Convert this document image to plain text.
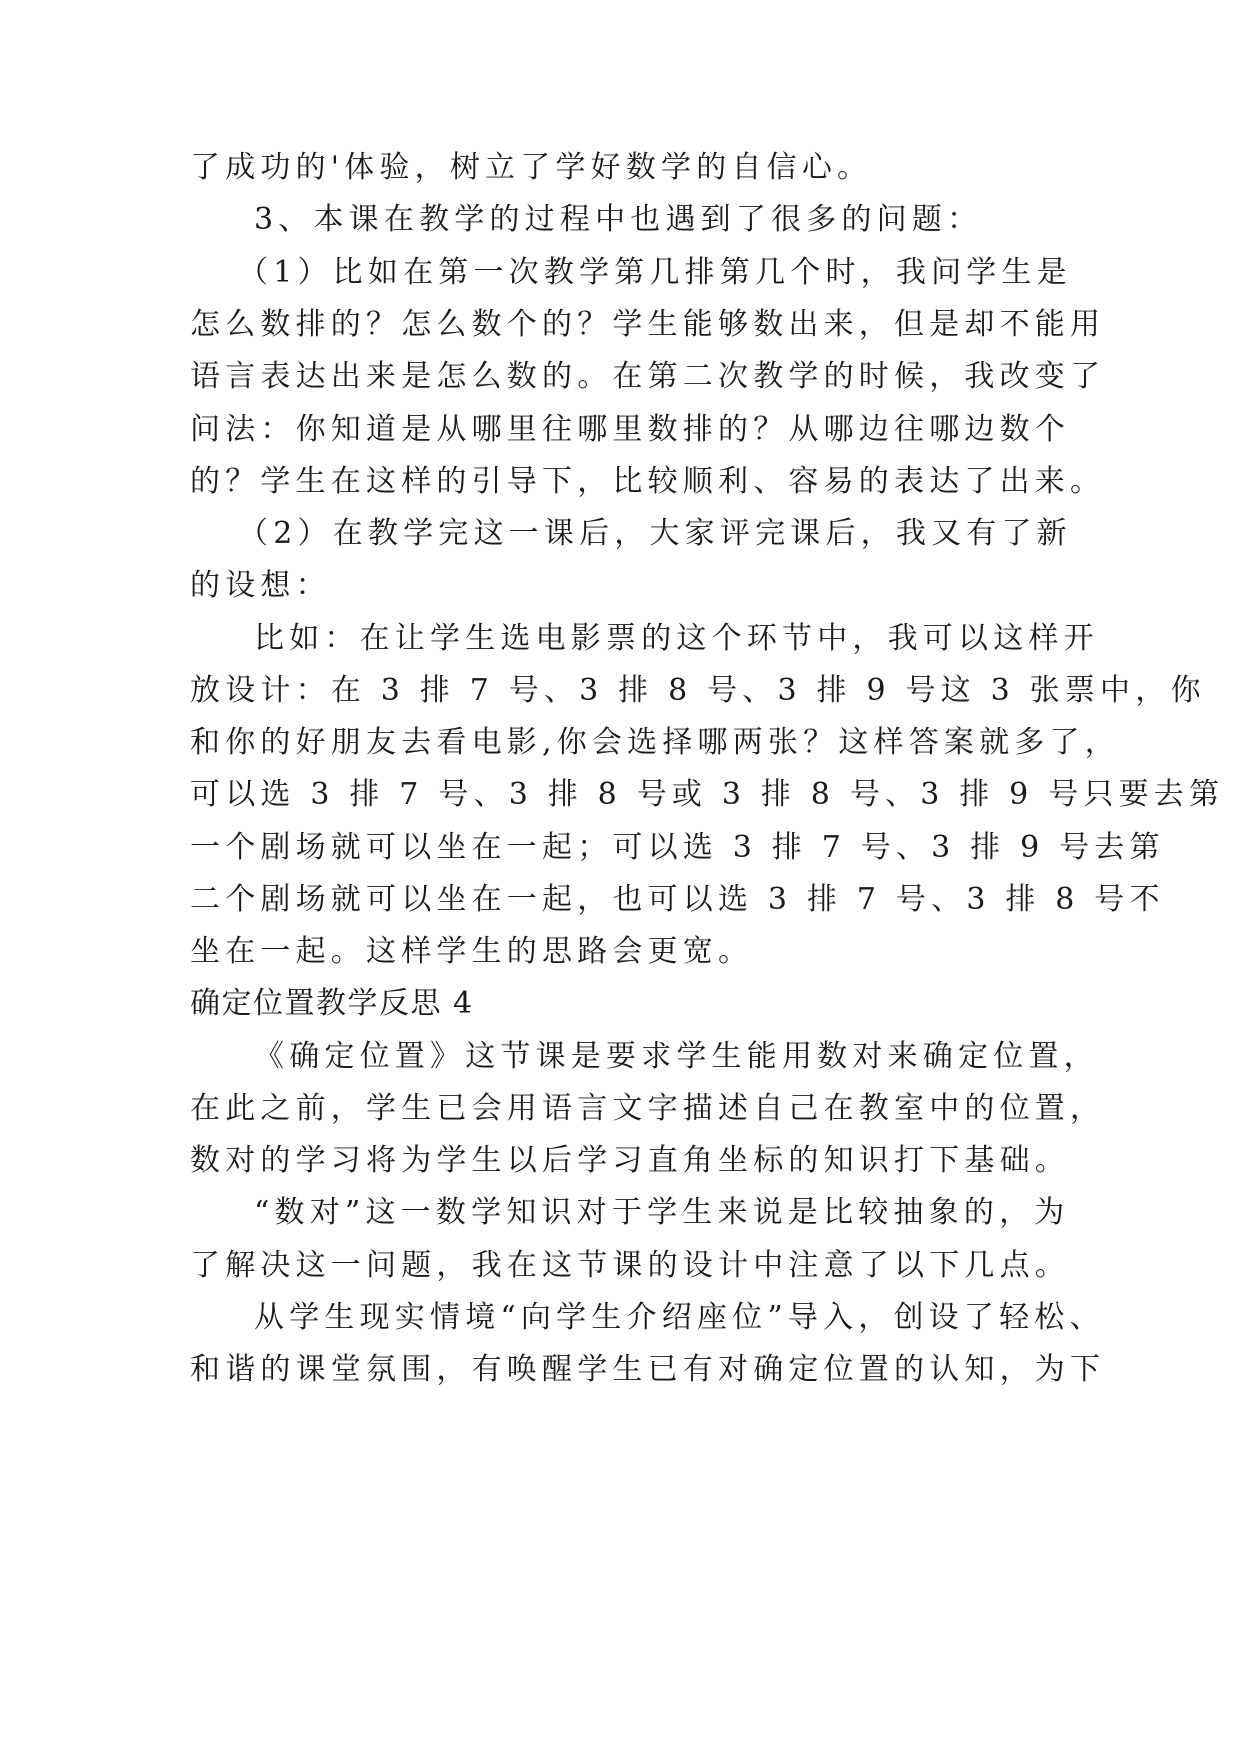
了成功的'体验，树立了学好数学的自信心。
3、本课在教学的过程中也遇到了很多的问题：
（1）比如在第一次教学第几排第几个时，我问学生是
怎么数排的？怎么数个的？学生能够数出来，但是却不能用
语言表达出来是怎么数的。在第二次教学的时候，我改变了
问法：你知道是从哪里往哪里数排的？从哪边往哪边数个
的？学生在这样的引导下，比较顺利、容易的表达了出来。
（2）在教学完这一课后，大家评完课后，我又有了新
的设想：
比如：在让学生选电影票的这个环节中，我可以这样开
放设计：在 3 排 7 号、3 排 8 号、3 排 9 号这 3 张票中，你
和你的好朋友去看电影,你会选择哪两张？这样答案就多了，
可以选 3 排 7 号、3 排 8 号或 3 排 8 号、3 排 9 号只要去第
一个剧场就可以坐在一起；可以选 3 排 7 号、3 排 9 号去第
二个剧场就可以坐在一起，也可以选 3 排 7 号、3 排 8 号不
坐在一起。这样学生的思路会更宽。
确定位置教学反思 4
《确定位置》这节课是要求学生能用数对来确定位置，
在此之前，学生已会用语言文字描述自己在教室中的位置，
数对的学习将为学生以后学习直角坐标的知识打下基础。
“数对”这一数学知识对于学生来说是比较抽象的，为
了解决这一问题，我在这节课的设计中注意了以下几点。
从学生现实情境“向学生介绍座位”导入，创设了轻松、
和谐的课堂氛围，有唤醒学生已有对确定位置的认知，为下
